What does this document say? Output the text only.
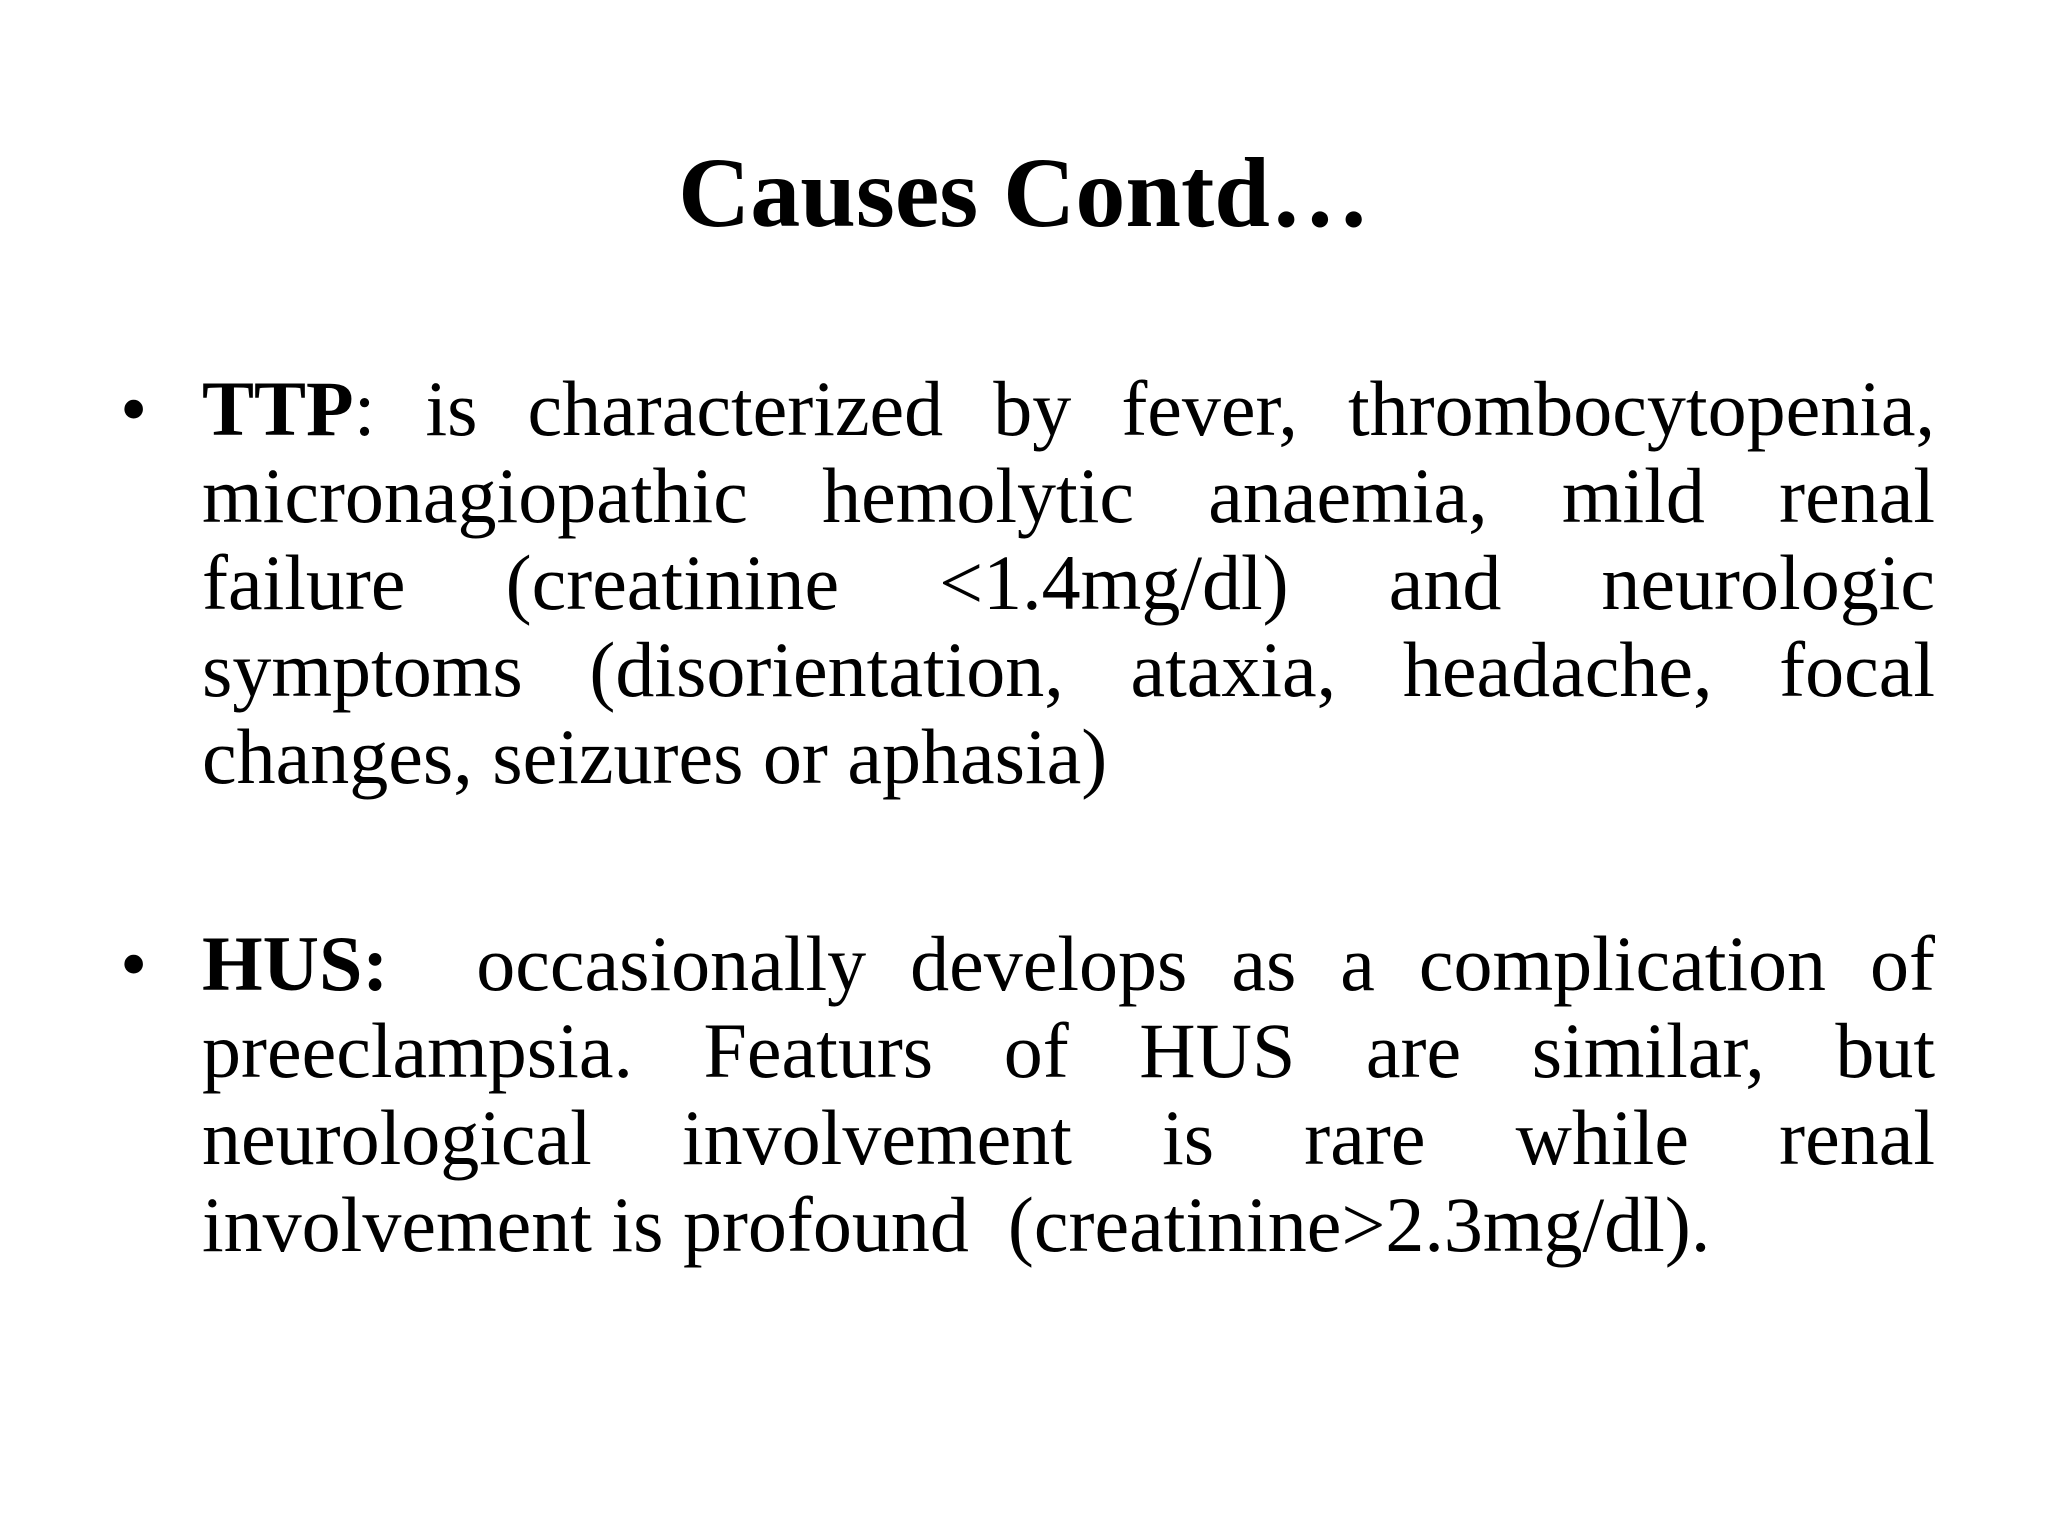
Causes Contd…
• TTP: is characterized by fever, thrombocytopenia, micronagiopathic hemolytic anaemia, mild renal failure (creatinine <1.4mg/dl) and neurologic symptoms (disorientation, ataxia, headache, focal changes, seizures or aphasia)
• HUS:  occasionally develops as a complication of preeclampsia. Featurs of HUS are similar, but neurological involvement is rare while renal involvement is profound  (creatinine>2.3mg/dl).
